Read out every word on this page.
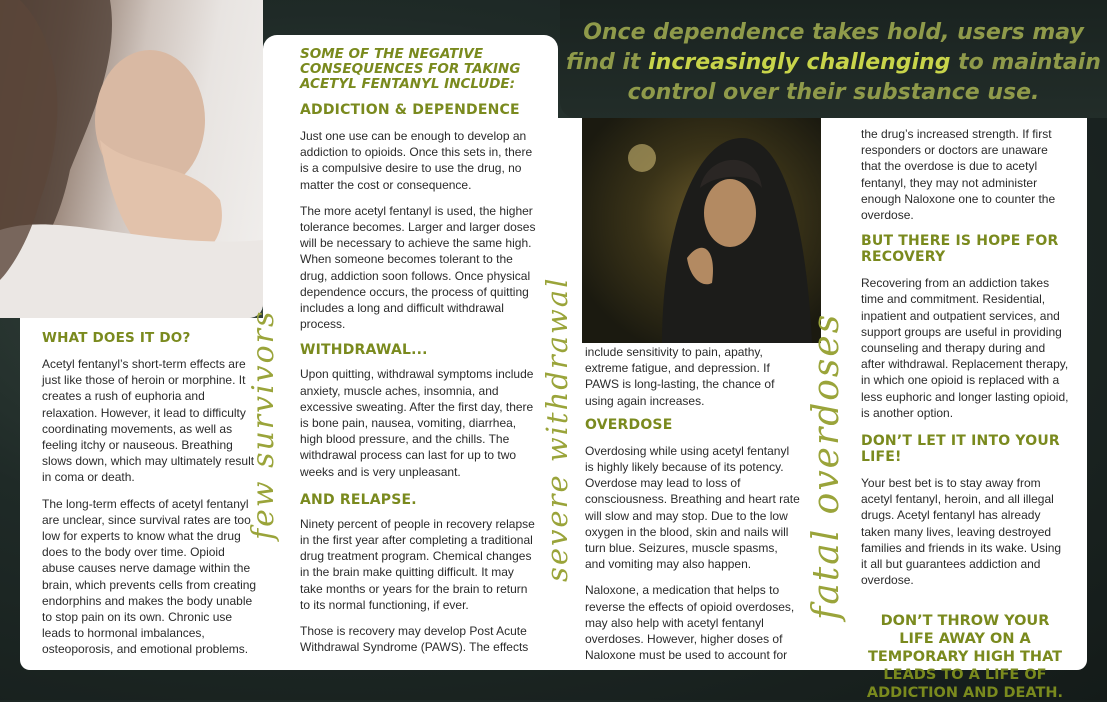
Once dependence takes hold, users may find it increasingly challenging to maintain control over their substance use.
WHAT DOES IT DO?

Acetyl fentanyl’s short-term effects are just like those of heroin or morphine. It creates a rush of euphoria and relaxation. However, it lead to difficulty coordinating movements, as well as feeling itchy or nauseous. Breathing slows down, which may ultimately result in coma or death.

The long-term effects of acetyl fentanyl are unclear, since survival rates are too low for experts to know what the drug does to the body over time. Opioid abuse causes nerve damage within the brain, which prevents cells from creating endorphins and makes the body unable to stop pain on its own. Chronic use leads to hormonal imbalances, osteoporosis, and emotional problems.

SOME OF THE NEGATIVE CONSEQUENCES FOR TAKING ACETYL FENTANYL INCLUDE:
ADDICTION & DEPENDENCE

Just one use can be enough to develop an addiction to opioids. Once this sets in, there is a compulsive desire to use the drug, no matter the cost or consequence.

The more acetyl fentanyl is used, the higher tolerance becomes. Larger and larger doses will be necessary to achieve the same high. When someone becomes tolerant to the drug, addiction soon follows. Once physical dependence occurs, the process of quitting includes a long and difficult withdrawal process.

WITHDRAWAL...

Upon quitting, withdrawal symptoms include anxiety, muscle aches, insomnia, and excessive sweating. After the first day, there is bone pain, nausea, vomiting, diarrhea, high blood pressure, and the chills. The withdrawal process can last for up to two weeks and is very unpleasant.

AND RELAPSE.

Ninety percent of people in recovery relapse in the first year after completing a traditional drug treatment program. Chemical changes in the brain make quitting difficult. It may take months or years for the brain to return to its normal functioning, if ever.

Those is recovery may develop Post Acute Withdrawal Syndrome (PAWS). The effects

include sensitivity to pain, apathy, extreme fatigue, and depression. If PAWS is long-lasting, the chance of using again increases.

OVERDOSE

Overdosing while using acetyl fentanyl is highly likely because of its potency. Overdose may lead to loss of consciousness. Breathing and heart rate will slow and may stop. Due to the low oxygen in the blood, skin and nails will turn blue. Seizures, muscle spasms, and vomiting may also happen.

Naloxone, a medication that helps to reverse the effects of opioid overdoses, may also help with acetyl fentanyl overdoses. However, higher doses of Naloxone must be used to account for

the drug’s increased strength. If first responders or doctors are unaware that the overdose is due to acetyl fentanyl, they may not administer enough Naloxone one to counter the overdose.

BUT THERE IS HOPE FOR RECOVERY

Recovering from an addiction takes time and commitment. Residential, inpatient and outpatient services, and support groups are useful in providing counseling and therapy during and after withdrawal. Replacement therapy, in which one opioid is replaced with a less euphoric and longer lasting opioid, is another option.

DON’T LET IT INTO YOUR LIFE!

Your best bet is to stay away from acetyl fentanyl, heroin, and all illegal drugs. Acetyl fentanyl has already taken many lives, leaving destroyed families and friends in its wake. Using it all but guarantees addiction and overdose.

DON’T THROW YOUR LIFE AWAY ON A TEMPORARY HIGH THAT LEADS TO A LIFE OF ADDICTION AND DEATH.
few survivors	severe withdrawal	fatal overdoses
